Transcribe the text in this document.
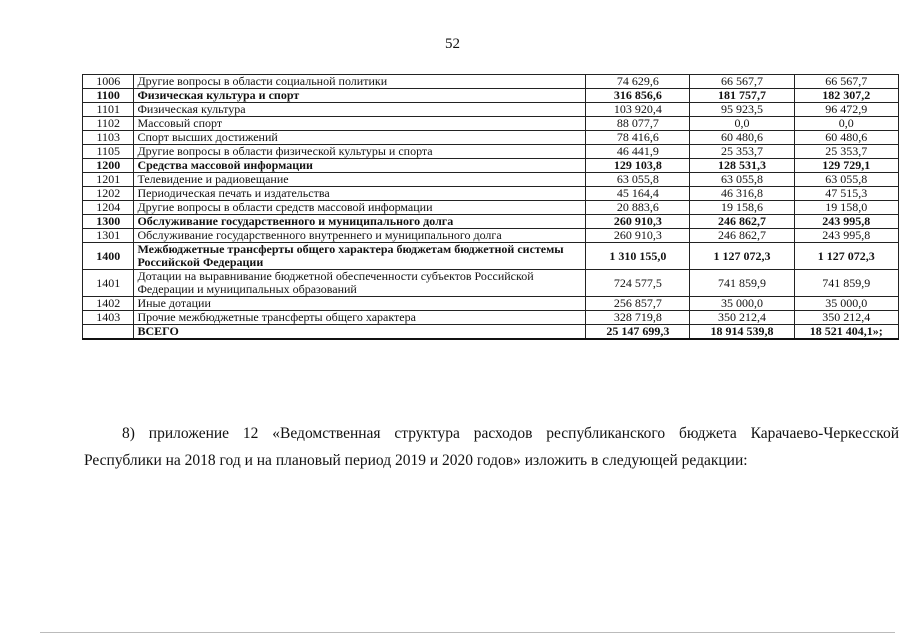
52
1006	Другие вопросы в области социальной политики	74 629,6	66 567,7	66 567,7
1100	Физическая культура и спорт	316 856,6	181 757,7	182 307,2
1101	Физическая культура	103 920,4	95 923,5	96 472,9
1102	Массовый спорт	88 077,7	0,0	0,0
1103	Спорт высших достижений	78 416,6	60 480,6	60 480,6
1105	Другие вопросы в области физической культуры и спорта	46 441,9	25 353,7	25 353,7
1200	Средства массовой информации	129 103,8	128 531,3	129 729,1
1201	Телевидение и радиовещание	63 055,8	63 055,8	63 055,8
1202	Периодическая печать и издательства	45 164,4	46 316,8	47 515,3
1204	Другие вопросы в области средств массовой информации	20 883,6	19 158,6	19 158,0
1300	Обслуживание государственного и муниципального долга	260 910,3	246 862,7	243 995,8
1301	Обслуживание государственного внутреннего и муниципального долга	260 910,3	246 862,7	243 995,8
1400	Межбюджетные трансферты общего характера бюджетам бюджетной системы Российской Федерации	1 310 155,0	1 127 072,3	1 127 072,3
1401	Дотации на выравнивание бюджетной обеспеченности субъектов Российской Федерации и муниципальных образований	724 577,5	741 859,9	741 859,9
1402	Иные дотации	256 857,7	35 000,0	35 000,0
1403	Прочие межбюджетные трансферты общего характера	328 719,8	350 212,4	350 212,4
	ВСЕГО	25 147 699,3	18 914 539,8	18 521 404,1»;
8) приложение 12 «Ведомственная структура расходов республиканского бюджета Карачаево-Черкесской Республики на 2018 год и на плановый период 2019 и 2020 годов» изложить в следующей редакции:
